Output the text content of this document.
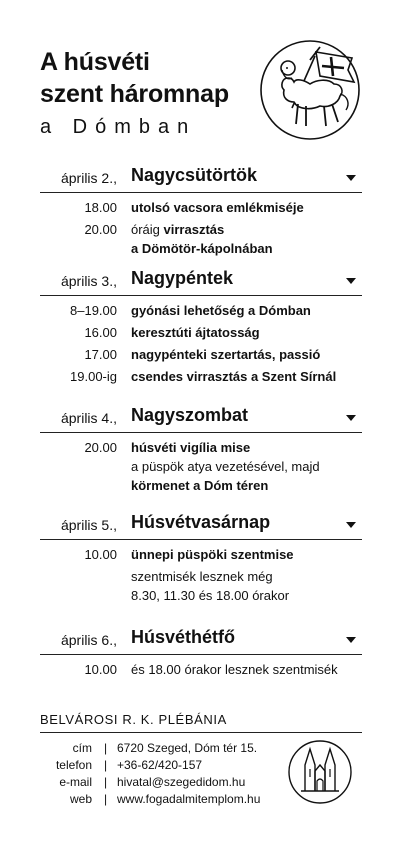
A húsvéti
szent háromnap
a Dómban
április 2., Nagycsütörtök
18.00 utolsó vacsora emlékmiséje
20.00 óráig virrasztás
a Dömötör-kápolnában
április 3., Nagypéntek
8–19.00 gyónási lehetőség a Dómban
16.00 keresztúti ájtatosság
17.00 nagypénteki szertartás, passió
19.00-ig csendes virrasztás a Szent Sírnál
április 4., Nagyszombat
20.00 húsvéti vigília mise
a püspök atya vezetésével, majd
körmenet a Dóm téren
április 5., Húsvétvasárnap
10.00 ünnepi püspöki szentmise
szentmisék lesznek még
8.30, 11.30 és 18.00 órakor
április 6., Húsvéthétfő
10.00 és 18.00 órakor lesznek szentmisék
BELVÁROSI R. K. PLÉBÁNIA
cím | 6720 Szeged, Dóm tér 15.
telefon | +36-62/420-157
e-mail | hivatal@szegedidom.hu
web | www.fogadalmitemplom.hu
